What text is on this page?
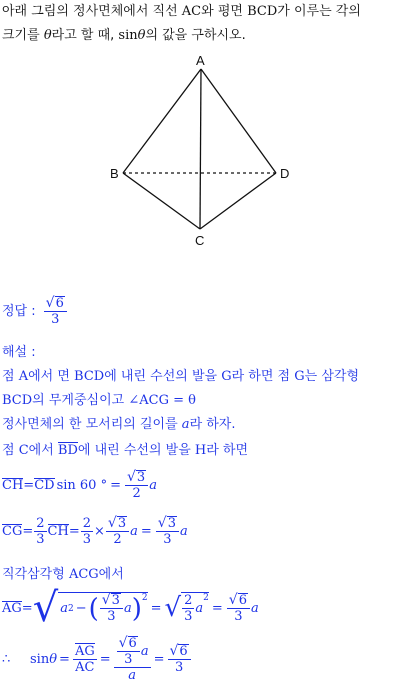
아래 그림의 정사면체에서 직선 AC와 평면 BCD가 이루는 각의
크기를 θ라고 할 때, sinθ의 값을 구하시오.
A
B
C
D
정답 : $\frac{√ 6}{3}$
해설 :
점 A에서 면 BCD에 내린 수선의 발을 G라 하면 점 G는 삼각형
BCD의 무게중심이고 ∠ACG = θ
정사면체의 한 모서리의 길이를 a라 하자.
점 C에서 BD에 내린 수선의 발을 H라 하면
CH = CD sin 60 ° = $\frac{√ 3}{2}$ a
CG = $\frac{2}{3}$ CH = $\frac{2}{3} \times \frac{√ 3}{2}$ $a = \frac{√ 3}{3}$ a
직각삼각형 ACG에서
AG = √ a 2 − ( $\frac{√ 3}{3}$ a )$^2$
= √ $\frac{2}{3}$ a
$^2$
= $\frac{√ 6}{3}$ a
∴	$\sin \theta = \frac{AG}{AC} = \frac{\frac{√ 6}{3} a}{a} = \frac{√ 6}{3}$
